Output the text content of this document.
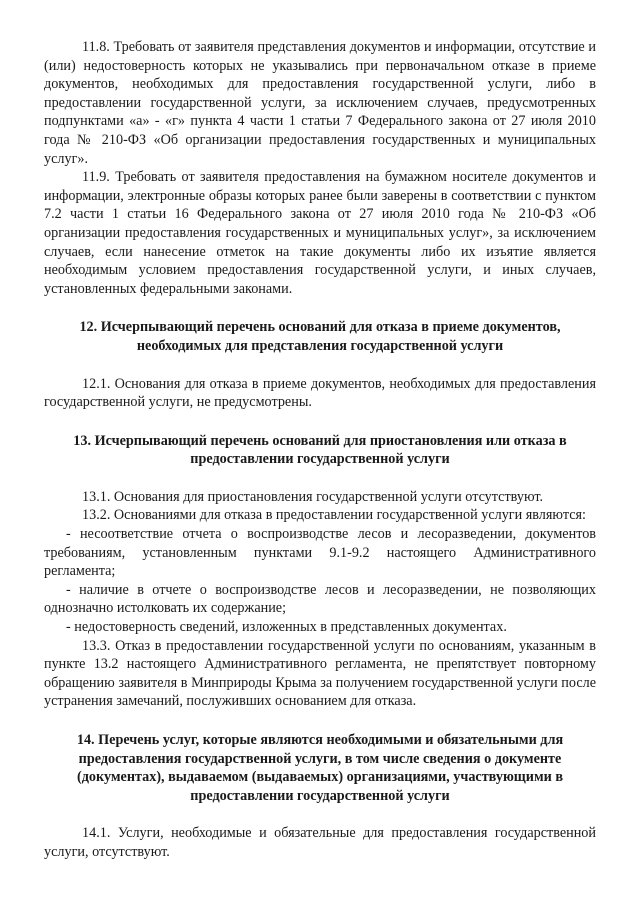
11.8. Требовать от заявителя представления документов и информации, отсутствие и (или) недостоверность которых не указывались при первоначальном отказе в приеме документов, необходимых для предоставления государственной услуги, либо в предоставлении государственной услуги, за исключением случаев, предусмотренных подпунктами «а» - «г» пункта 4 части 1 статьи 7 Федерального закона от 27 июля 2010 года № 210-ФЗ «Об организации предоставления государственных и муниципальных услуг».

11.9. Требовать от заявителя предоставления на бумажном носителе документов и информации, электронные образы которых ранее были заверены в соответствии с пунктом 7.2 части 1 статьи 16 Федерального закона от 27 июля 2010 года № 210-ФЗ «Об организации предоставления государственных и муниципальных услуг», за исключением случаев, если нанесение отметок на такие документы либо их изъятие является необходимым условием предоставления государственной услуги, и иных случаев, установленных федеральными законами.

12. Исчерпывающий перечень оснований для отказа в приеме документов, необходимых для представления государственной услуги

12.1. Основания для отказа в приеме документов, необходимых для предоставления государственной услуги, не предусмотрены.

13. Исчерпывающий перечень оснований для приостановления или отказа в предоставлении государственной услуги

13.1. Основания для приостановления государственной услуги отсутствуют.

13.2. Основаниями для отказа в предоставлении государственной услуги являются:

- несоответствие отчета о воспроизводстве лесов и лесоразведении, документов требованиям, установленным пунктами 9.1-9.2 настоящего Административного регламента;

- наличие в отчете о воспроизводстве лесов и лесоразведении, не позволяющих однозначно истолковать их содержание;

- недостоверность сведений, изложенных в представленных документах.

13.3. Отказ в предоставлении государственной услуги по основаниям, указанным в пункте 13.2 настоящего Административного регламента, не препятствует повторному обращению заявителя в Минприроды Крыма за получением государственной услуги после устранения замечаний, послуживших основанием для отказа.

14. Перечень услуг, которые являются необходимыми и обязательными для предоставления государственной услуги, в том числе сведения о документе (документах), выдаваемом (выдаваемых) организациями, участвующими в предоставлении государственной услуги

14.1. Услуги, необходимые и обязательные для предоставления государственной услуги, отсутствуют.
